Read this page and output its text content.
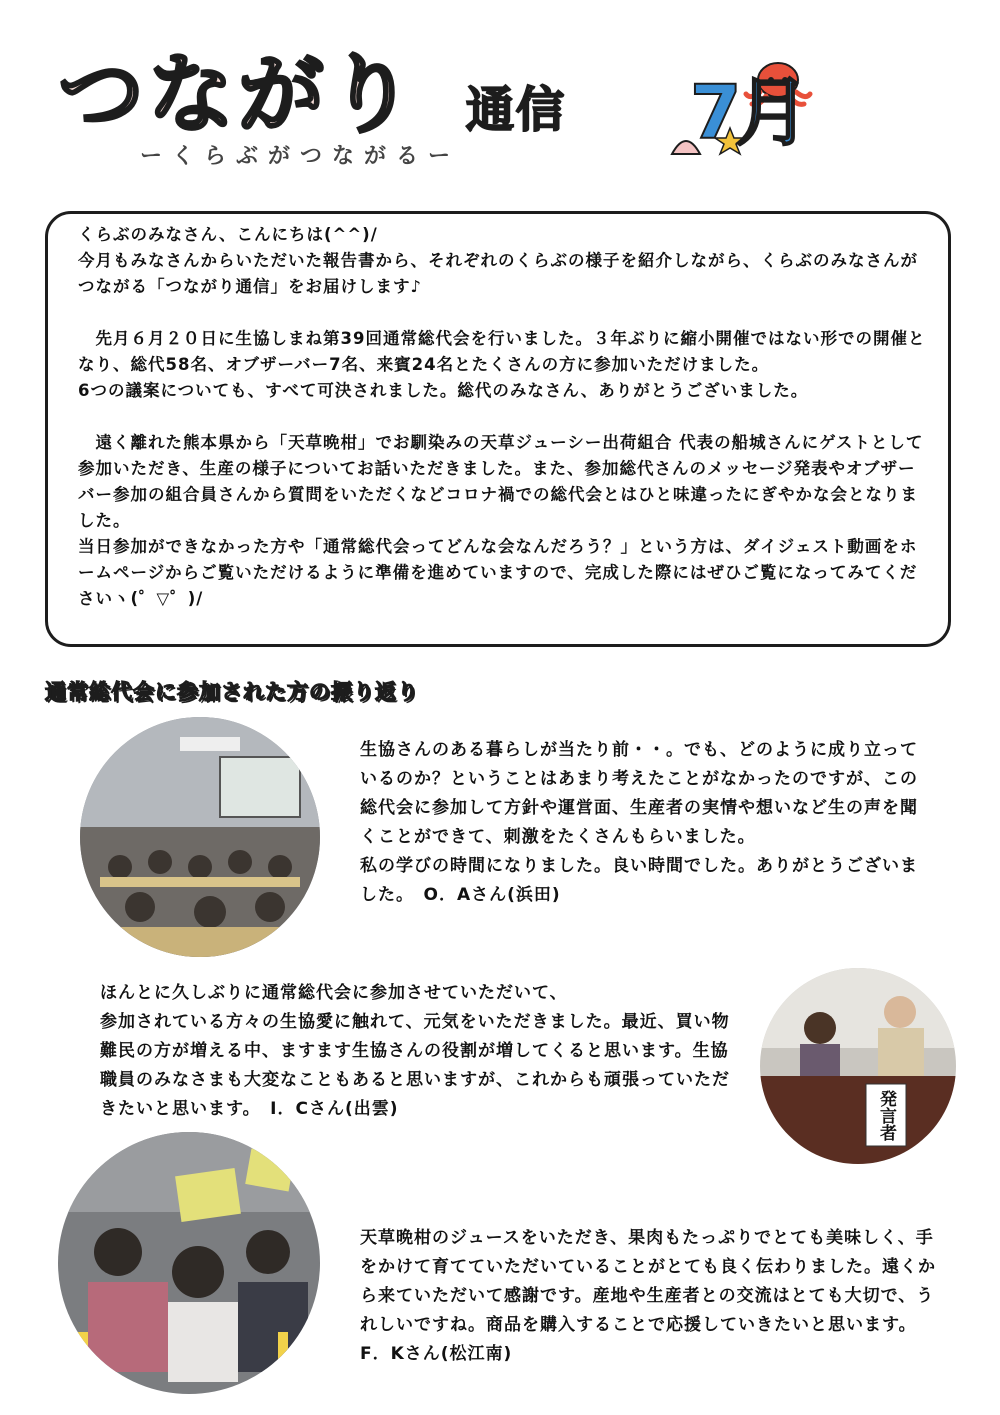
つながり 通信
ーくらぶがつながるー
7月

くらぶのみなさん、こんにちは(^^)/
今月もみなさんからいただいた報告書から、それぞれのくらぶの様子を紹介しながら、くらぶのみなさんがつながる「つながり通信」をお届けします♪

　先月６月２０日に生協しまね第39回通常総代会を行いました。３年ぶりに縮小開催ではない形での開催となり、総代58名、オブザーバー7名、来賓24名とたくさんの方に参加いただけました。
6つの議案についても、すべて可決されました。総代のみなさん、ありがとうございました。

　遠く離れた熊本県から「天草晩柑」でお馴染みの天草ジューシー出荷組合 代表の船城さんにゲストとして参加いただき、生産の様子についてお話いただきました。また、参加総代さんのメッセージ発表やオブザーバー参加の組合員さんから質問をいただくなどコロナ禍での総代会とはひと味違ったにぎやかな会となりました。
当日参加ができなかった方や「通常総代会ってどんな会なんだろう？」という方は、ダイジェスト動画をホームページからご覧いただけるように準備を進めていますので、完成した際にはぜひご覧になってみてくださいヽ(゜▽゜)/

通常総代会に参加された方の振り返り

生協さんのある暮らしが当たり前・・。でも、どのように成り立っているのか？ということはあまり考えたことがなかったのですが、この総代会に参加して方針や運営面、生産者の実情や想いなど生の声を聞くことができて、刺激をたくさんもらいました。
私の学びの時間になりました。良い時間でした。ありがとうございました。　O．Aさん(浜田)

ほんとに久しぶりに通常総代会に参加させていただいて、
参加されている方々の生協愛に触れて、元気をいただきました。最近、買い物難民の方が増える中、ますます生協さんの役割が増してくると思います。生協職員のみなさまも大変なこともあると思いますが、これからも頑張っていただきたいと思います。　I．Cさん(出雲)	発言者

天草晩柑のジュースをいただき、果肉もたっぷりでとても美味しく、手をかけて育てていただいていることがとても良く伝わりました。遠くから来ていただいて感謝です。産地や生産者との交流はとても大切で、うれしいですね。商品を購入することで応援していきたいと思います。　F．Kさん(松江南)
